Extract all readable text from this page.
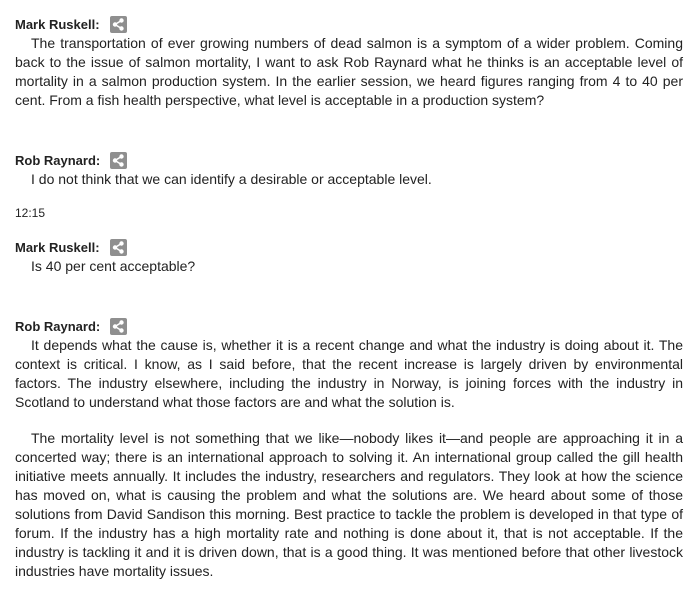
Mark Ruskell:

The transportation of ever growing numbers of dead salmon is a symptom of a wider problem. Coming back to the issue of salmon mortality, I want to ask Rob Raynard what he thinks is an acceptable level of mortality in a salmon production system. In the earlier session, we heard figures ranging from 4 to 40 per cent. From a fish health perspective, what level is acceptable in a production system?

Rob Raynard:

I do not think that we can identify a desirable or acceptable level.

12:15

Mark Ruskell:

Is 40 per cent acceptable?

Rob Raynard:

It depends what the cause is, whether it is a recent change and what the industry is doing about it. The context is critical. I know, as I said before, that the recent increase is largely driven by environmental factors. The industry elsewhere, including the industry in Norway, is joining forces with the industry in Scotland to understand what those factors are and what the solution is.

The mortality level is not something that we like—nobody likes it—and people are approaching it in a concerted way; there is an international approach to solving it. An international group called the gill health initiative meets annually. It includes the industry, researchers and regulators. They look at how the science has moved on, what is causing the problem and what the solutions are. We heard about some of those solutions from David Sandison this morning. Best practice to tackle the problem is developed in that type of forum. If the industry has a high mortality rate and nothing is done about it, that is not acceptable. If the industry is tackling it and it is driven down, that is a good thing. It was mentioned before that other livestock industries have mortality issues.
